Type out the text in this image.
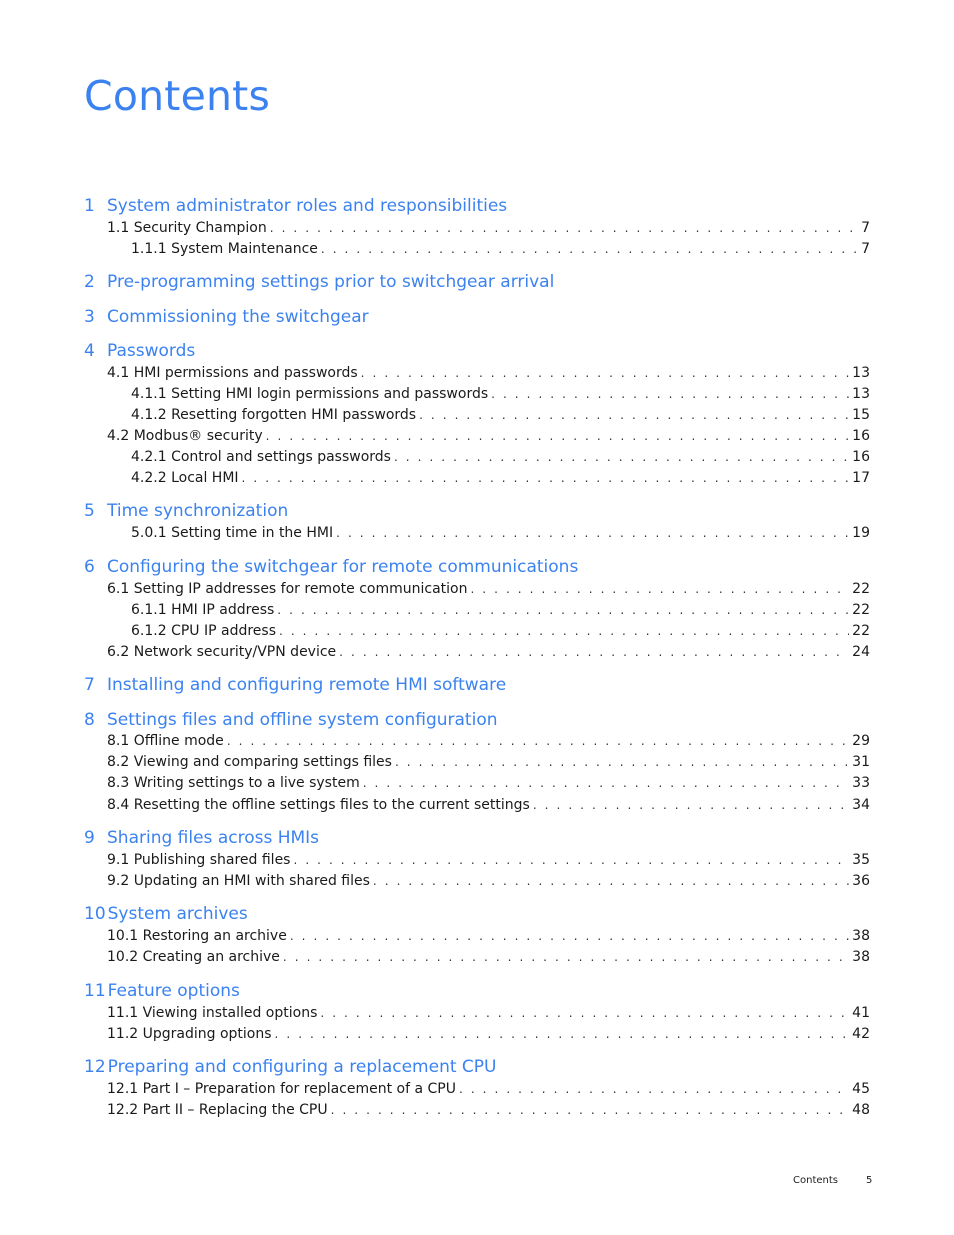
Contents
1 System administrator roles and responsibilities
1.1 Security Champion . . .	7
1.1.1 System Maintenance . . .	7
2 Pre-programming settings prior to switchgear arrival
3 Commissioning the switchgear
4 Passwords
4.1 HMI permissions and passwords . . .	13
4.1.1 Setting HMI login permissions and passwords . . .	13
4.1.2 Resetting forgotten HMI passwords . . .	15
4.2 Modbus® security . . .	16
4.2.1 Control and settings passwords . . .	16
4.2.2 Local HMI . . .	17
5 Time synchronization
5.0.1 Setting time in the HMI . . .	19
6 Configuring the switchgear for remote communications
6.1 Setting IP addresses for remote communication . . .	22
6.1.1 HMI IP address . . .	22
6.1.2 CPU IP address . . .	22
6.2 Network security/VPN device . . .	24
7 Installing and configuring remote HMI software
8 Settings files and offline system configuration
8.1 Offline mode . . .	29
8.2 Viewing and comparing settings files . . .	31
8.3 Writing settings to a live system . . .	33
8.4 Resetting the offline settings files to the current settings . . .	34
9 Sharing files across HMIs
9.1 Publishing shared files . . .	35
9.2 Updating an HMI with shared files . . .	36
10 System archives
10.1 Restoring an archive . . .	38
10.2 Creating an archive . . .	38
11 Feature options
11.1 Viewing installed options . . .	41
11.2 Upgrading options . . .	42
12 Preparing and configuring a replacement CPU
12.1 Part I – Preparation for replacement of a CPU . . .	45
12.2 Part II – Replacing the CPU . . .	48
Contents	5
